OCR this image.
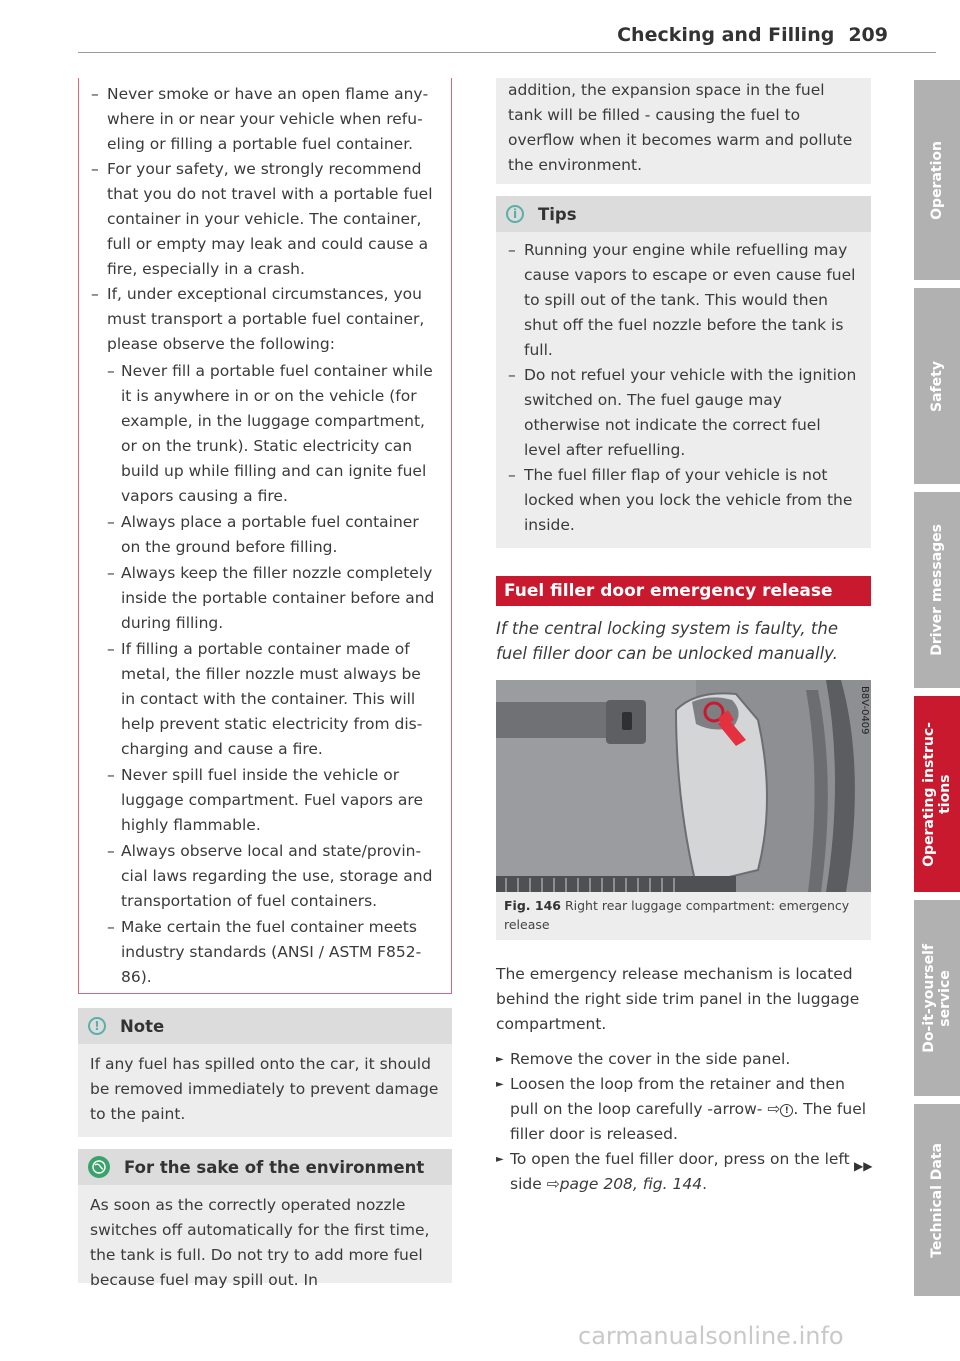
Checking and Filling 209
– Never smoke or have an open flame anywhere in or near your vehicle when refueling or filling a portable fuel container.
– For your safety, we strongly recommend that you do not travel with a portable fuel container in your vehicle. The container, full or empty may leak and could cause a fire, especially in a crash.
– If, under exceptional circumstances, you must transport a portable fuel container, please observe the following:
– Never fill a portable fuel container while it is anywhere in or on the vehicle (for example, in the luggage compartment, or on the trunk). Static electricity can build up while filling and can ignite fuel vapors causing a fire.
– Always place a portable fuel container on the ground before filling.
– Always keep the filler nozzle completely inside the portable container before and during filling.
– If filling a portable container made of metal, the filler nozzle must always be in contact with the container. This will help prevent static electricity from discharging and cause a fire.
– Never spill fuel inside the vehicle or luggage compartment. Fuel vapors are highly flammable.
– Always observe local and state/provincial laws regarding the use, storage and transportation of fuel containers.
– Make certain the fuel container meets industry standards (ANSI / ASTM F852-86).
!	Note
If any fuel has spilled onto the car, it should be removed immediately to prevent damage to the paint.
For the sake of the environment
As soon as the correctly operated nozzle switches off automatically for the first time, the tank is full. Do not try to add more fuel because fuel may spill out. In
addition, the expansion space in the fuel tank will be filled - causing the fuel to overflow when it becomes warm and pollute the environment.
i	Tips
– Running your engine while refuelling may cause vapors to escape or even cause fuel to spill out of the tank. This would then shut off the fuel nozzle before the tank is full.
– Do not refuel your vehicle with the ignition switched on. The fuel gauge may otherwise not indicate the correct fuel level after refuelling.
– The fuel filler flap of your vehicle is not locked when you lock the vehicle from the inside.
Fuel filler door emergency release

If the central locking system is faulty, the fuel filler door can be unlocked manually.

B8V-0409
Fig. 146 Right rear luggage compartment: emergency release

The emergency release mechanism is located behind the right side trim panel in the luggage compartment.

► Remove the cover in the side panel.
► Loosen the loop from the retainer and then pull on the loop carefully -arrow- ⇨ ! . The fuel filler door is released.
► To open the fuel filler door, press on the left side ⇨page 208, fig. 144.
▶▶
Operation
Safety
Driver messages
Operating instruc-
tions
Do-it-yourself
service
Technical Data
carmanualsonline.info
